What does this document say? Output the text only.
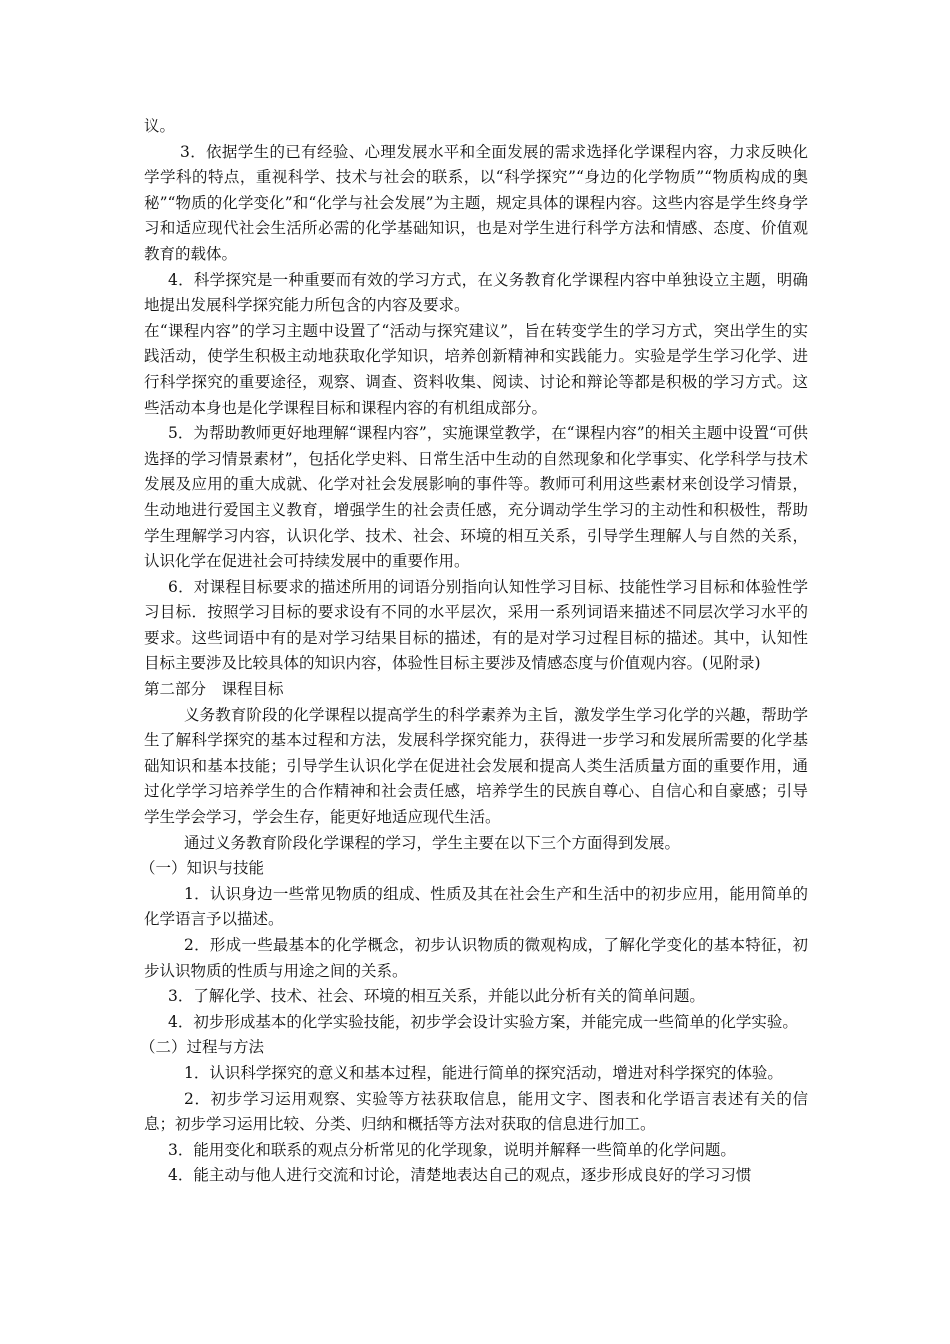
议。

3．依据学生的已有经验、心理发展水平和全面发展的需求选择化学课程内容，力求反映化学学科的特点，重视科学、技术与社会的联系，以“科学探究”“身边的化学物质”“物质构成的奥秘”“物质的化学变化”和“化学与社会发展”为主题，规定具体的课程内容。这些内容是学生终身学习和适应现代社会生活所必需的化学基础知识，也是对学生进行科学方法和情感、态度、价值观教育的载体。

4．科学探究是一种重要而有效的学习方式，在义务教育化学课程内容中单独设立主题，明确地提出发展科学探究能力所包含的内容及要求。

在“课程内容”的学习主题中设置了“活动与探究建议”，旨在转变学生的学习方式，突出学生的实践活动，使学生积极主动地获取化学知识，培养创新精神和实践能力。实验是学生学习化学、进行科学探究的重要途径，观察、调查、资料收集、阅读、讨论和辩论等都是积极的学习方式。这些活动本身也是化学课程目标和课程内容的有机组成部分。

5．为帮助教师更好地理解“课程内容”，实施课堂教学，在“课程内容”的相关主题中设置“可供选择的学习情景素材”，包括化学史料、日常生活中生动的自然现象和化学事实、化学科学与技术发展及应用的重大成就、化学对社会发展影响的事件等。教师可利用这些素材来创设学习情景，生动地进行爱国主义教育，增强学生的社会责任感，充分调动学生学习的主动性和积极性，帮助学生理解学习内容，认识化学、技术、社会、环境的相互关系，引导学生理解人与自然的关系，认识化学在促进社会可持续发展中的重要作用。

6．对课程目标要求的描述所用的词语分别指向认知性学习目标、技能性学习目标和体验性学习目标．按照学习目标的要求设有不同的水平层次，采用一系列词语来描述不同层次学习水平的要求。这些词语中有的是对学习结果目标的描述，有的是对学习过程目标的描述。其中，认知性目标主要涉及比较具体的知识内容，体验性目标主要涉及情感态度与价值观内容。(见附录)

第二部分　课程目标

义务教育阶段的化学课程以提高学生的科学素养为主旨，激发学生学习化学的兴趣，帮助学生了解科学探究的基本过程和方法，发展科学探究能力，获得进一步学习和发展所需要的化学基础知识和基本技能；引导学生认识化学在促进社会发展和提高人类生活质量方面的重要作用，通过化学学习培养学生的合作精神和社会责任感，培养学生的民族自尊心、自信心和自豪感；引导学生学会学习，学会生存，能更好地适应现代生活。

通过义务教育阶段化学课程的学习，学生主要在以下三个方面得到发展。

（一）知识与技能

1．认识身边一些常见物质的组成、性质及其在社会生产和生活中的初步应用，能用简单的化学语言予以描述。

2．形成一些最基本的化学概念，初步认识物质的微观构成，了解化学变化的基本特征，初步认识物质的性质与用途之间的关系。

3．了解化学、技术、社会、环境的相互关系，并能以此分析有关的简单问题。

4．初步形成基本的化学实验技能，初步学会设计实验方案，并能完成一些简单的化学实验。

（二）过程与方法

1．认识科学探究的意义和基本过程，能进行简单的探究活动，增进对科学探究的体验。

2．初步学习运用观察、实验等方祛获取信息，能用文字、图表和化学语言表述有关的信息；初步学习运用比较、分类、归纳和概括等方法对获取的信息进行加工。

3．能用变化和联系的观点分析常见的化学现象，说明并解释一些简单的化学问题。

4．能主动与他人进行交流和讨论，清楚地表达自己的观点，逐步形成良好的学习习惯
